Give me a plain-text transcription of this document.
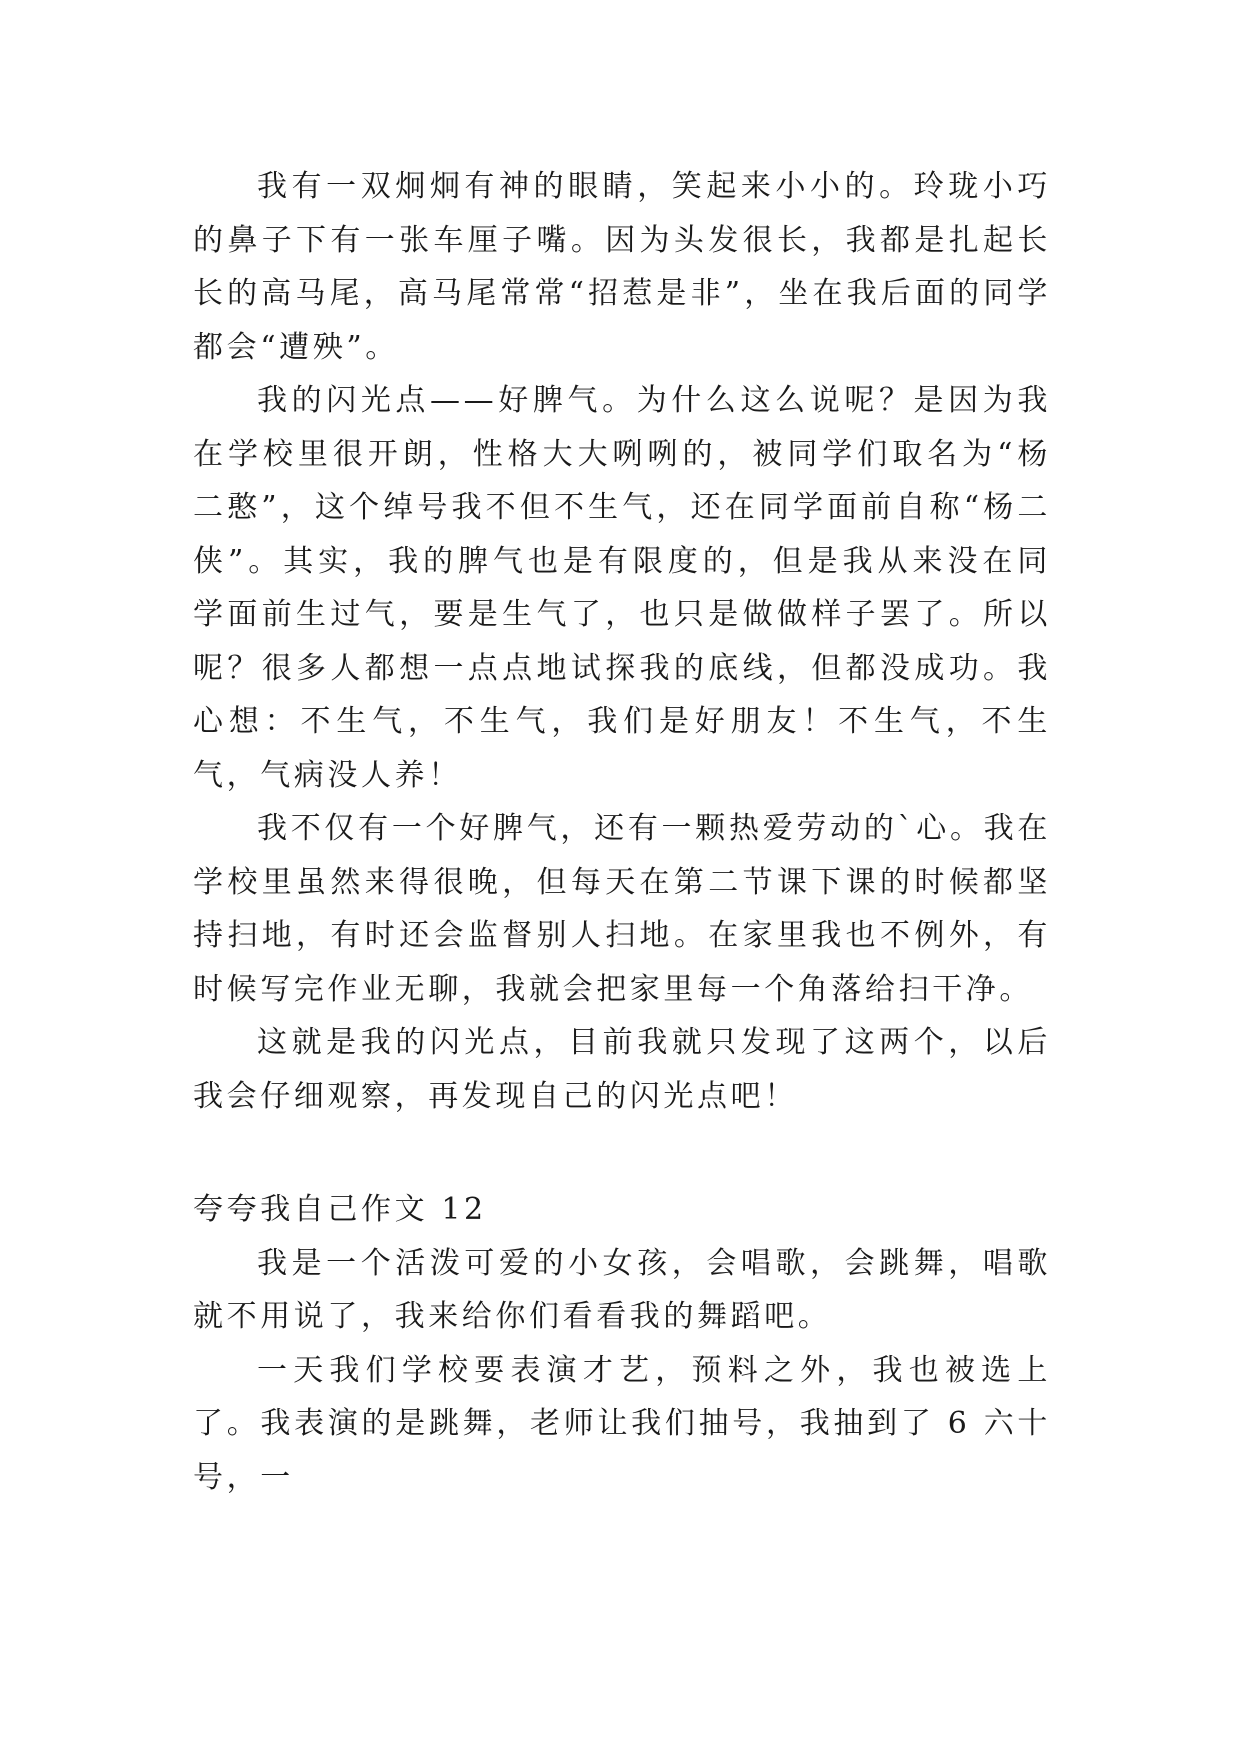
我有一双炯炯有神的眼睛，笑起来小小的。玲珑小巧的鼻子下有一张车厘子嘴。因为头发很长，我都是扎起长长的高马尾，高马尾常常“招惹是非”，坐在我后面的同学都会“遭殃”。

我的闪光点——好脾气。为什么这么说呢？是因为我在学校里很开朗，性格大大咧咧的，被同学们取名为“杨二憨”，这个绰号我不但不生气，还在同学面前自称“杨二侠”。其实，我的脾气也是有限度的，但是我从来没在同学面前生过气，要是生气了，也只是做做样子罢了。所以呢？很多人都想一点点地试探我的底线，但都没成功。我心想：不生气，不生气，我们是好朋友！不生气，不生气，气病没人养！

我不仅有一个好脾气，还有一颗热爱劳动的`心。我在学校里虽然来得很晚，但每天在第二节课下课的时候都坚持扫地，有时还会监督别人扫地。在家里我也不例外，有时候写完作业无聊，我就会把家里每一个角落给扫干净。

这就是我的闪光点，目前我就只发现了这两个，以后我会仔细观察，再发现自己的闪光点吧！

夸夸我自己作文 12

我是一个活泼可爱的小女孩，会唱歌，会跳舞，唱歌就不用说了，我来给你们看看我的舞蹈吧。

一天我们学校要表演才艺，预料之外，我也被选上了。我表演的是跳舞，老师让我们抽号，我抽到了 6 六十号，一
